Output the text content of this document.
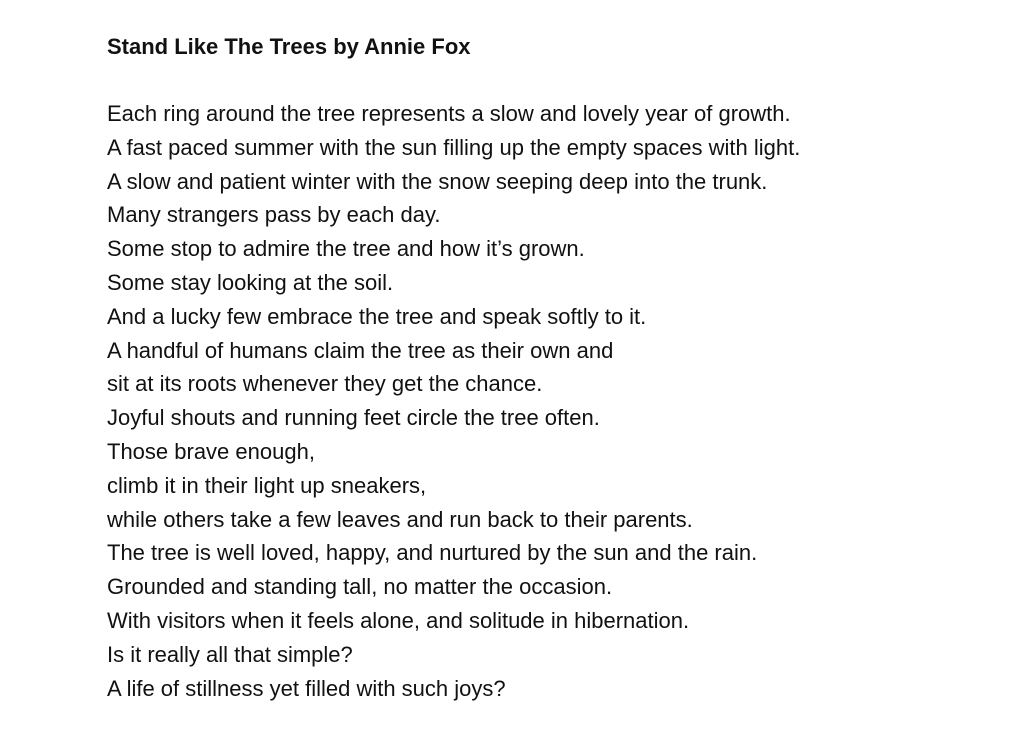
Stand Like The Trees by Annie Fox
Each ring around the tree represents a slow and lovely year of growth.
A fast paced summer with the sun filling up the empty spaces with light.
A slow and patient winter with the snow seeping deep into the trunk.
Many strangers pass by each day.
Some stop to admire the tree and how it’s grown.
Some stay looking at the soil.
And a lucky few embrace the tree and speak softly to it.
A handful of humans claim the tree as their own and
sit at its roots whenever they get the chance.
Joyful shouts and running feet circle the tree often.
Those brave enough,
climb it in their light up sneakers,
while others take a few leaves and run back to their parents.
The tree is well loved, happy, and nurtured by the sun and the rain.
Grounded and standing tall, no matter the occasion.
With visitors when it feels alone, and solitude in hibernation.
Is it really all that simple?
A life of stillness yet filled with such joys?
